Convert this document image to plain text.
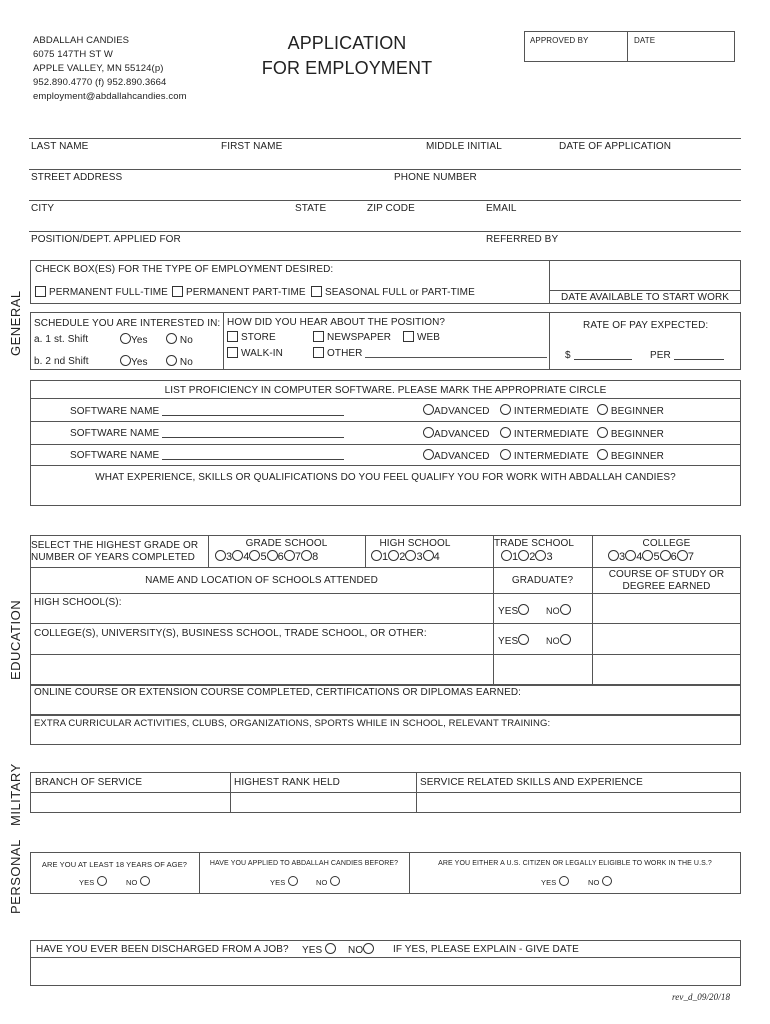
ABDALLAH CANDIES
6075 147TH ST W
APPLE VALLEY, MN 55124(p)
952.890.4770 (f) 952.890.3664
employment@abdallahcandies.com
APPLICATION
FOR EMPLOYMENT
APPROVED BY	DATE
GENERAL
EDUCATION
MILITARY
PERSONAL
LAST NAME	FIRST NAME	MIDDLE INITIAL	DATE OF APPLICATION
STREET ADDRESS	PHONE NUMBER
CITY	STATE	ZIP CODE	EMAIL
POSITION/DEPT. APPLIED FOR	REFERRED BY
CHECK BOX(ES) FOR THE TYPE OF EMPLOYMENT DESIRED:
PERMANENT FULL-TIME	PERMANENT PART-TIME	SEASONAL FULL or PART-TIME	DATE AVAILABLE TO START WORK
SCHEDULE YOU ARE INTERESTED IN:
a. 1 st. Shift	Yes	No
b. 2 nd Shift	Yes	No
HOW DID YOU HEAR ABOUT THE POSITION?
STORE	NEWSPAPER	WEB
WALK-IN	OTHER
RATE OF PAY EXPECTED:
$	PER
LIST PROFICIENCY IN COMPUTER SOFTWARE. PLEASE MARK THE APPROPRIATE CIRCLE
SOFTWARE NAME	ADVANCED	INTERMEDIATE	BEGINNER
SOFTWARE NAME	ADVANCED	INTERMEDIATE	BEGINNER
SOFTWARE NAME	ADVANCED	INTERMEDIATE	BEGINNER
WHAT EXPERIENCE, SKILLS OR QUALIFICATIONS DO YOU FEEL QUALIFY YOU FOR WORK WITH ABDALLAH CANDIES?
SELECT THE HIGHEST GRADE OR
NUMBER OF YEARS COMPLETED
GRADE SCHOOL
3 4 5 6 7 8
HIGH SCHOOL
1 2 3 4
TRADE SCHOOL
1 2 3
COLLEGE
3 4 5 6 7
NAME AND LOCATION OF SCHOOLS ATTENDED	GRADUATE?
COURSE OF STUDY OR
DEGREE EARNED
HIGH SCHOOL(S):
YES	NO
COLLEGE(S), UNIVERSITY(S), BUSINESS SCHOOL, TRADE SCHOOL, OR OTHER:
YES	NO
ONLINE COURSE OR EXTENSION COURSE COMPLETED, CERTIFICATIONS OR DIPLOMAS EARNED:
EXTRA CURRICULAR ACTIVITIES, CLUBS, ORGANIZATIONS, SPORTS WHILE IN SCHOOL, RELEVANT TRAINING:
BRANCH OF SERVICE	HIGHEST RANK HELD	SERVICE RELATED SKILLS AND EXPERIENCE
ARE YOU AT LEAST 18 YEARS OF AGE?
YES	NO
HAVE YOU APPLIED TO ABDALLAH CANDIES BEFORE?
YES	NO
ARE YOU EITHER A U.S. CITIZEN OR LEGALLY ELIGIBLE TO WORK IN THE U.S.?
YES	NO
HAVE YOU EVER BEEN DISCHARGED FROM A JOB? YES	NO	IF YES, PLEASE EXPLAIN - GIVE DATE
rev_d_09/20/18
